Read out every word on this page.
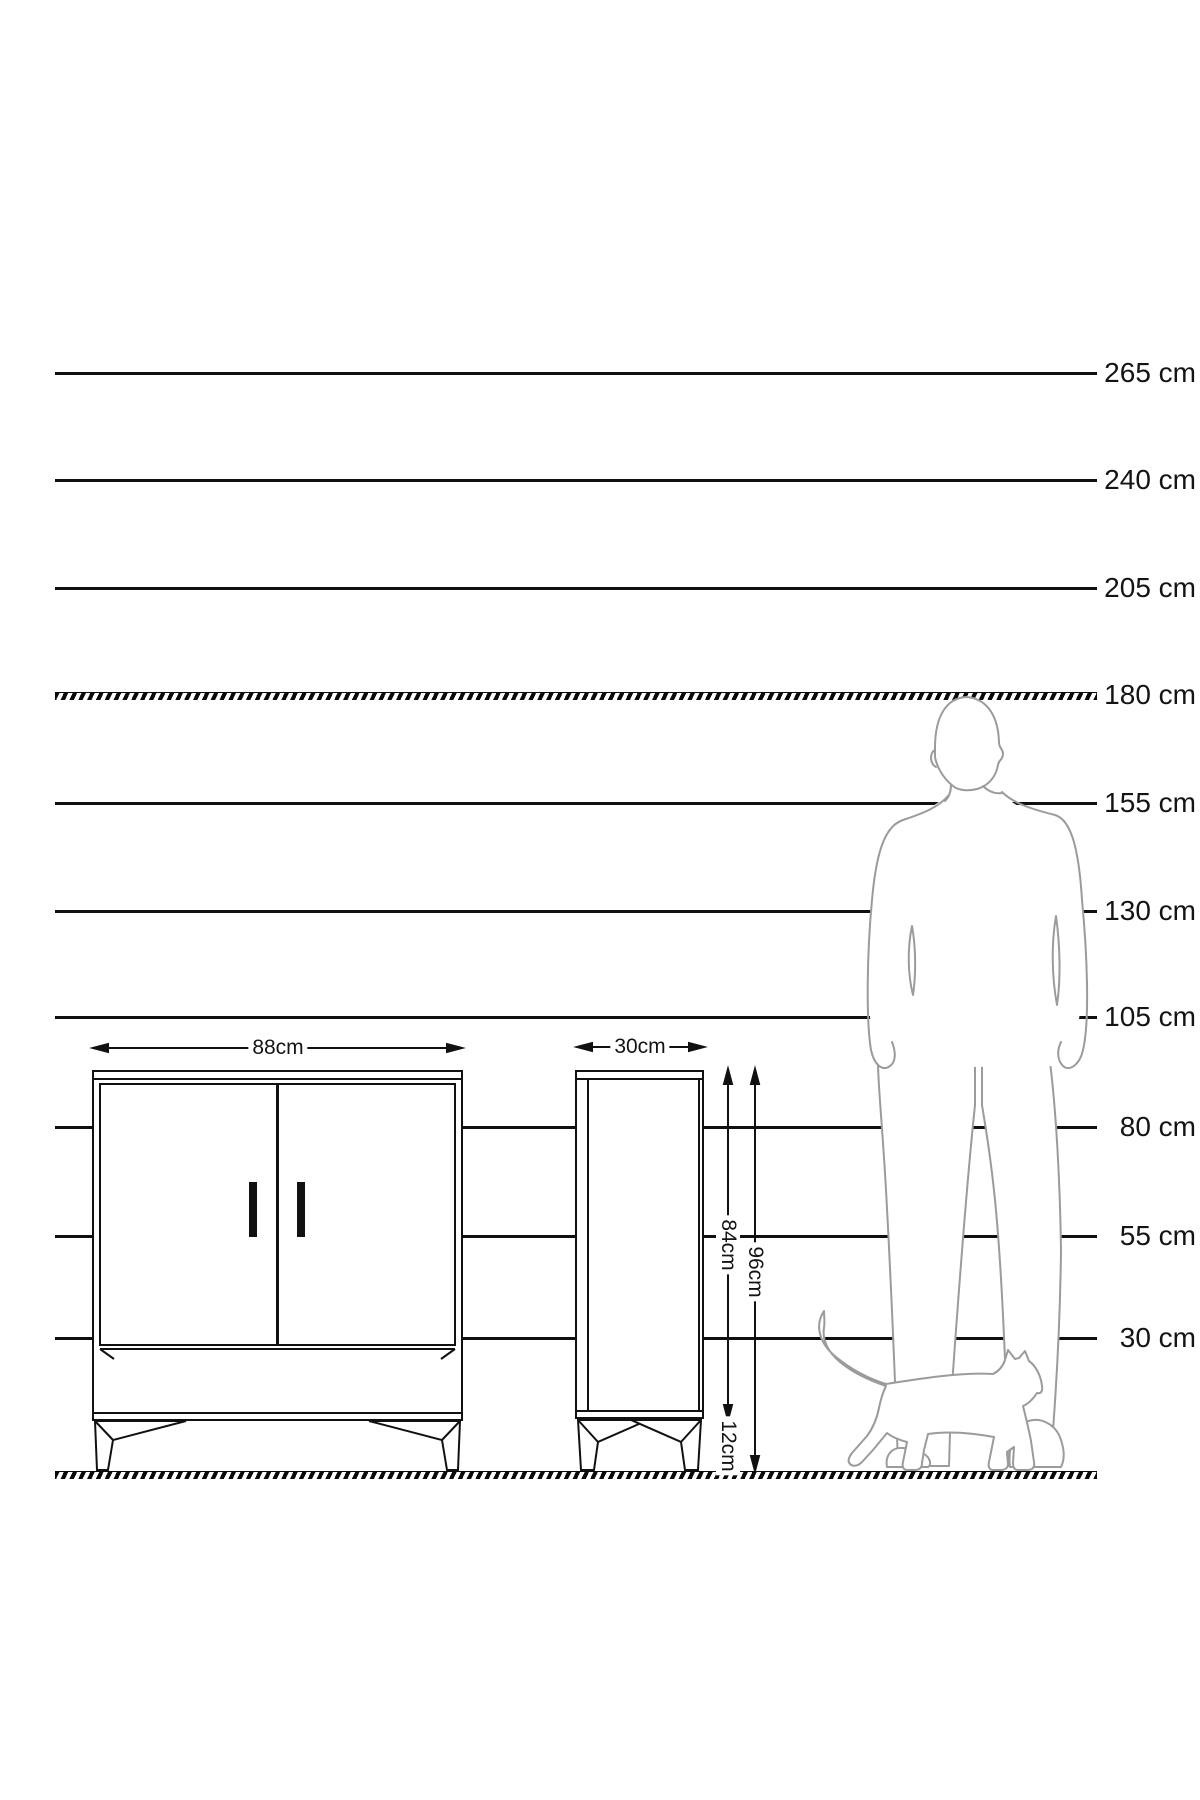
265 cm
240 cm
205 cm
180 cm
155 cm
130 cm
105 cm
80 cm
55 cm
30 cm
88cm	30cm
84cm
96cm
12cm
